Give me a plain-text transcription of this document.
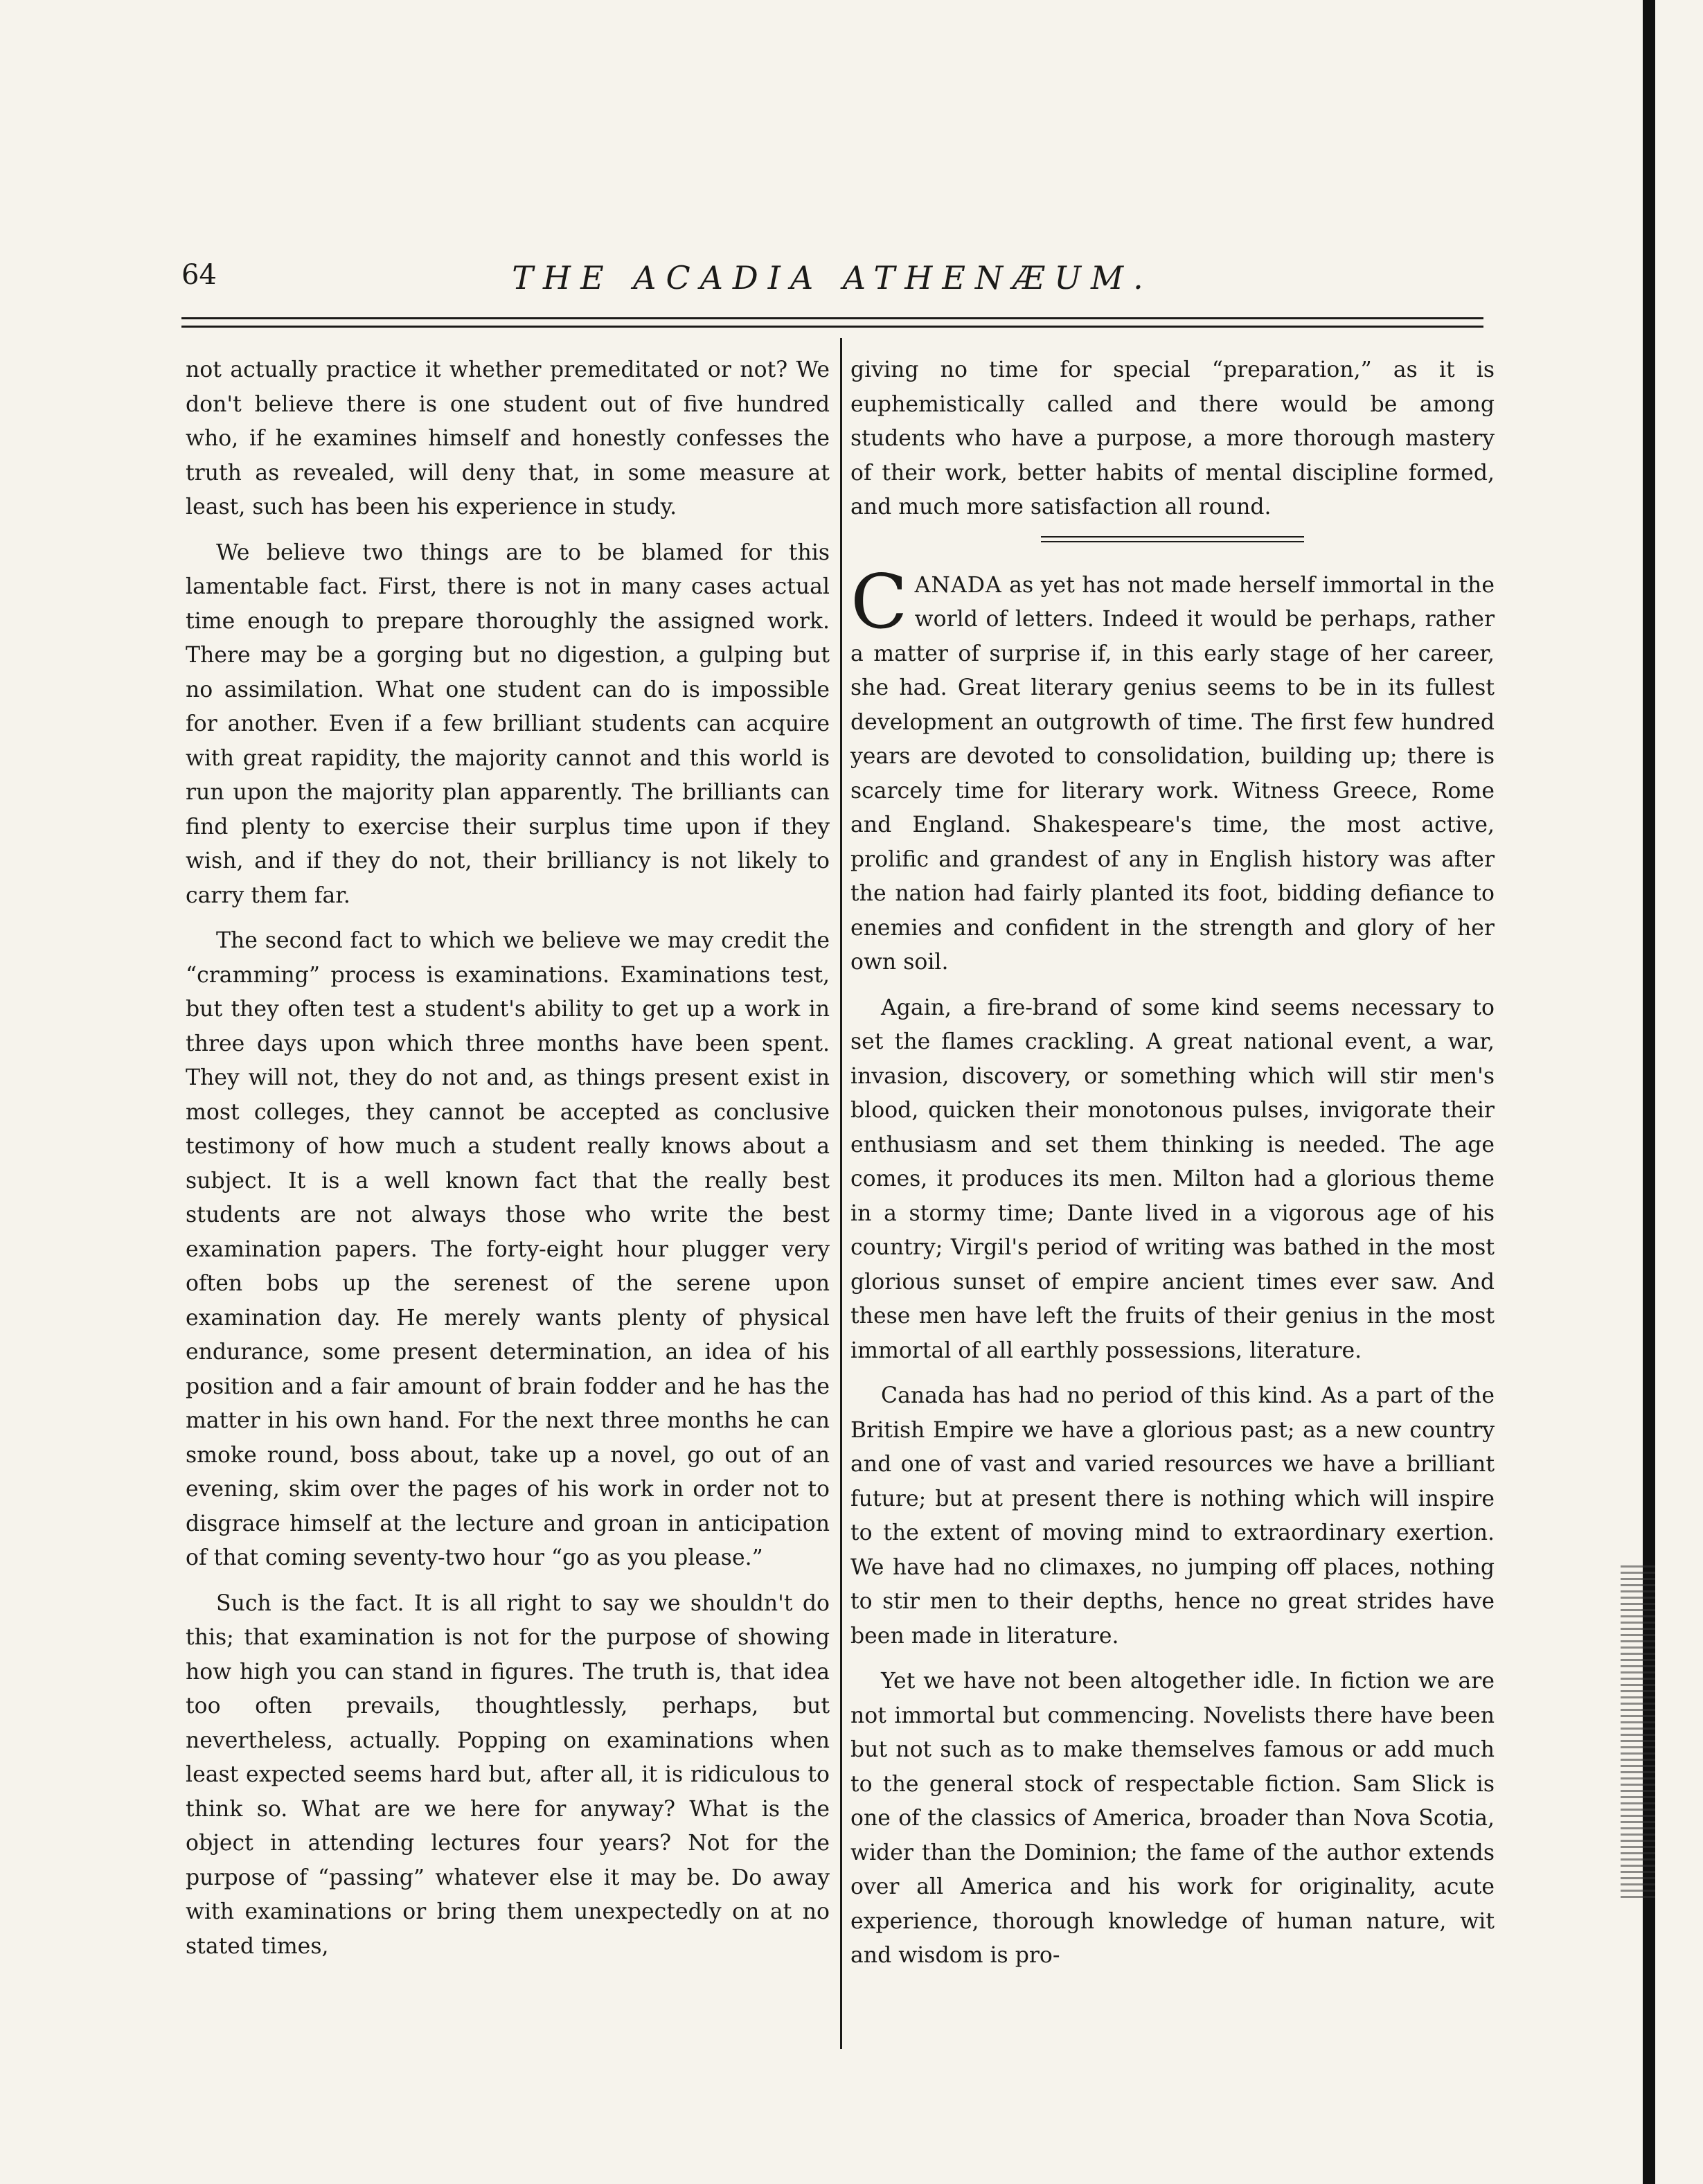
64	THE ACADIA ATHENÆUM.

not actually practice it whether premeditated or not? We don't believe there is one student out of five hundred who, if he examines himself and honestly confesses the truth as revealed, will deny that, in some measure at least, such has been his experience in study.

We believe two things are to be blamed for this lamentable fact. First, there is not in many cases actual time enough to prepare thoroughly the assigned work. There may be a gorging but no digestion, a gulping but no assimilation. What one student can do is impossible for another. Even if a few brilliant students can acquire with great rapidity, the majority cannot and this world is run upon the majority plan apparently. The brilliants can find plenty to exercise their surplus time upon if they wish, and if they do not, their brilliancy is not likely to carry them far.

The second fact to which we believe we may credit the “cramming” process is examinations. Examinations test, but they often test a student's ability to get up a work in three days upon which three months have been spent. They will not, they do not and, as things present exist in most colleges, they cannot be accepted as conclusive testimony of how much a student really knows about a subject. It is a well known fact that the really best students are not always those who write the best examination papers. The forty-eight hour plugger very often bobs up the serenest of the serene upon examination day. He merely wants plenty of physical endurance, some present determination, an idea of his position and a fair amount of brain fodder and he has the matter in his own hand. For the next three months he can smoke round, boss about, take up a novel, go out of an evening, skim over the pages of his work in order not to disgrace himself at the lecture and groan in anticipation of that coming seventy-two hour “go as you please.”

Such is the fact. It is all right to say we shouldn't do this; that examination is not for the purpose of showing how high you can stand in figures. The truth is, that idea too often prevails, thoughtlessly, perhaps, but nevertheless, actually. Popping on examinations when least expected seems hard but, after all, it is ridiculous to think so. What are we here for anyway? What is the object in attending lectures four years? Not for the purpose of “passing” whatever else it may be. Do away with examinations or bring them unexpectedly on at no stated times,

giving no time for special “preparation,” as it is euphemistically called and there would be among students who have a purpose, a more thorough mastery of their work, better habits of mental discipline formed, and much more satisfaction all round.

CANADA as yet has not made herself immortal in the world of letters. Indeed it would be perhaps, rather a matter of surprise if, in this early stage of her career, she had. Great literary genius seems to be in its fullest development an outgrowth of time. The first few hundred years are devoted to consolidation, building up; there is scarcely time for literary work. Witness Greece, Rome and England. Shakespeare's time, the most active, prolific and grandest of any in English history was after the nation had fairly planted its foot, bidding defiance to enemies and confident in the strength and glory of her own soil.

Again, a fire-brand of some kind seems necessary to set the flames crackling. A great national event, a war, invasion, discovery, or something which will stir men's blood, quicken their monotonous pulses, invigorate their enthusiasm and set them thinking is needed. The age comes, it produces its men. Milton had a glorious theme in a stormy time; Dante lived in a vigorous age of his country; Virgil's period of writing was bathed in the most glorious sunset of empire ancient times ever saw. And these men have left the fruits of their genius in the most immortal of all earthly possessions, literature.

Canada has had no period of this kind. As a part of the British Empire we have a glorious past; as a new country and one of vast and varied resources we have a brilliant future; but at present there is nothing which will inspire to the extent of moving mind to extraordinary exertion. We have had no climaxes, no jumping off places, nothing to stir men to their depths, hence no great strides have been made in literature.

Yet we have not been altogether idle. In fiction we are not immortal but commencing. Novelists there have been but not such as to make themselves famous or add much to the general stock of respectable fiction. Sam Slick is one of the classics of America, broader than Nova Scotia, wider than the Dominion; the fame of the author extends over all America and his work for originality, acute experience, thorough knowledge of human nature, wit and wisdom is pro-
